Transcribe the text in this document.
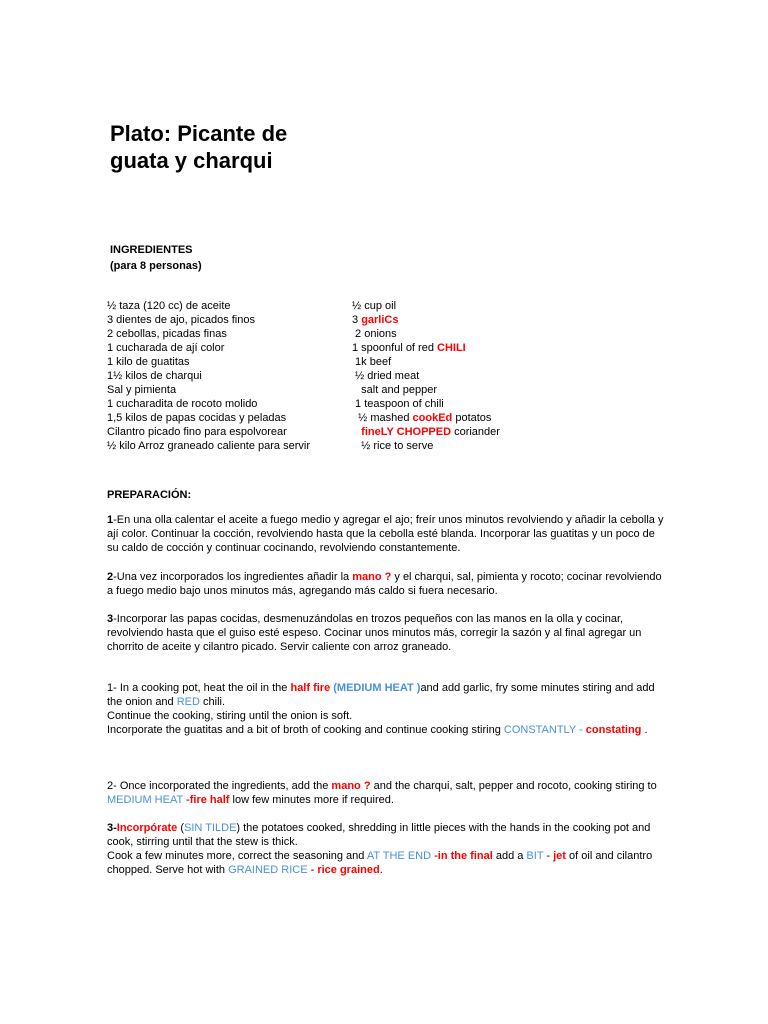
Plato: Picante de guata y charqui
INGREDIENTES
(para 8 personas)
½ taza (120 cc) de aceite
3 dientes de ajo, picados finos
2 cebollas, picadas finas
1 cucharada de ají color
1 kilo de guatitas
1½ kilos de charqui
Sal y pimienta
1 cucharadita de rocoto molido
1,5 kilos de papas cocidas y peladas
Cilantro picado fino para espolvorear
½ kilo Arroz graneado caliente para servir
½ cup oil
3 garliCs
2 onions
1 spoonful of red CHILI
1k beef
½ dried meat
salt and pepper
1 teaspoon of chili
½ mashed cookEd potatos
fineLY CHOPPED coriander
½ rice to serve
PREPARACIÓN:
1-En una olla calentar el aceite a fuego medio y agregar el ajo; freír unos minutos revolviendo y añadir la cebolla y ají color. Continuar la cocción, revolviendo hasta que la cebolla esté blanda. Incorporar las guatitas y un poco de su caldo de cocción y continuar cocinando, revolviendo constantemente.
2-Una vez incorporados los ingredientes añadir la mano ? y el charqui, sal, pimienta y rocoto; cocinar revolviendo a fuego medio bajo unos minutos más, agregando más caldo si fuera necesario.
3-Incorporar las papas cocidas, desmenuzándolas en trozos pequeños con las manos en la olla y cocinar, revolviendo hasta que el guiso esté espeso. Cocinar unos minutos más, corregir la sazón y al final agregar un chorrito de aceite y cilantro picado. Servir caliente con arroz graneado.
1- In a cooking pot, heat the oil in the half fire (MEDIUM HEAT )and add garlic, fry some minutes stiring and add the onion and RED chili.
Continue the cooking, stiring until the onion is soft.
Incorporate the guatitas and a bit of broth of cooking and continue cooking stiring CONSTANTLY - constating .
2- Once incorporated the ingredients, add the mano ? and the charqui, salt, pepper and rocoto, cooking stiring to MEDIUM HEAT -fire half low few minutes more if required.
3-Incorpórate (SIN TILDE) the potatoes cooked, shredding in little pieces with the hands in the cooking pot and cook, stirring until that the stew is thick.
Cook a few minutes more, correct the seasoning and AT THE END -in the final add a BIT - jet of oil and cilantro chopped. Serve hot with GRAINED RICE - rice grained.
